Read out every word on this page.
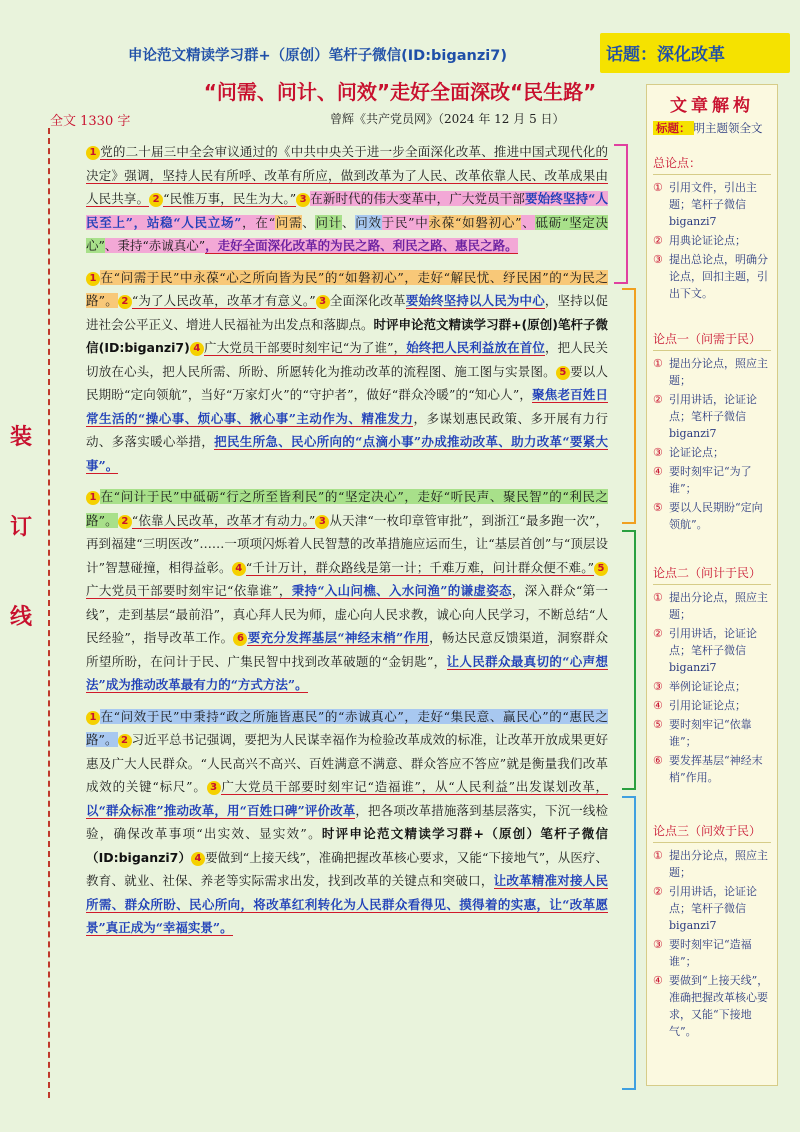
申论范文精读学习群+（原创）笔杆子微信(ID:biganzi7)	话题：深化改革
“问需、问计、问效”走好全面深改“民生路”
全文 1330 字	曾辉《共产党员网》（2024 年 12 月 5 日）
装
订
线

1 党的二十届三中全会审议通过的《中共中央关于进一步全面深化改革、推进中国式现代化的决定》强调，坚持人民有所呼、改革有所应，做到改革为了人民、改革依靠人民、改革成果由人民共享。 2 “民惟万事，民生为大。” 3 在新时代的伟大变革中，广大党员干部要始终坚持“人民至上”，站稳“人民立场”，在“问需、问计、问效于民”中永葆“如磐初心”、砥砺“坚定决心”、秉持“赤诚真心”，走好全面深化改革的为民之路、利民之路、惠民之路。

1 在“问需于民”中永葆“心之所向皆为民”的“如磐初心”，走好“解民忧、纾民困”的“为民之路”。 2 “为了人民改革，改革才有意义。” 3 全面深化改革要始终坚持以人民为中心，坚持以促进社会公平正义、增进人民福祉为出发点和落脚点。时评申论范文精读学习群+(原创)笔杆子微信(ID:biganzi7) 4 广大党员干部要时刻牢记“为了谁”，始终把人民利益放在首位，把人民关切放在心头，把人民所需、所盼、所愿转化为推动改革的流程图、施工图与实景图。 5 要以人民期盼“定向领航”，当好“万家灯火”的“守护者”，做好“群众冷暖”的“知心人”，聚焦老百姓日常生活的“操心事、烦心事、揪心事”主动作为、精准发力，多谋划惠民政策、多开展有力行动、多落实暖心举措，把民生所急、民心所向的“点滴小事”办成推动改革、助力改革“要紧大事”。

1 在“问计于民”中砥砺“行之所至皆利民”的“坚定决心”，走好“听民声、聚民智”的“利民之路”。 2 “依靠人民改革，改革才有动力。” 3 从天津“一枚印章管审批”，到浙江“最多跑一次”，再到福建“三明医改”……一项项闪烁着人民智慧的改革措施应运而生，让“基层首创”与“顶层设计”智慧碰撞，相得益彰。 4 “千计万计，群众路线是第一计；千难万难，问计群众便不难。” 5广大党员干部要时刻牢记“依靠谁”，秉持“入山问樵、入水问渔”的谦虚姿态，深入群众“第一线”，走到基层“最前沿”，真心拜人民为师，虚心向人民求教，诚心向人民学习，不断总结“人民经验”，指导改革工作。 6 要充分发挥基层“神经末梢”作用，畅达民意反馈渠道，洞察群众所望所盼，在问计于民、广集民智中找到改革破题的“金钥匙”，让人民群众最真切的“心声想法”成为推动改革最有力的“方式方法”。

1 在“问效于民”中秉持“政之所施皆惠民”的“赤诚真心”，走好“集民意、赢民心”的“惠民之路”。 2 习近平总书记强调，要把为人民谋幸福作为检验改革成效的标准，让改革开放成果更好惠及广大人民群众。“人民高兴不高兴、百姓满意不满意、群众答应不答应”就是衡量我们改革成效的关键“标尺”。 3 广大党员干部要时刻牢记“造福谁”，从“人民利益”出发谋划改革，以“群众标准”推动改革，用“百姓口碑”评价改革，把各项改革措施落到基层落实，下沉一线检验，确保改革事项“出实效、显实效”。时评申论范文精读学习群+（原创）笔杆子微信（ID:biganzi7） 4 要做到“上接天线”，准确把握改革核心要求，又能“下接地气”，从医疗、教育、就业、社保、养老等实际需求出发，找到改革的关键点和突破口，让改革精准对接人民所需、群众所盼、民心所向，将改革红利转化为人民群众看得见、摸得着的实惠，让“改革愿景”真正成为“幸福实景”。

文章解构
标题： 明主题领全文
总论点：
① 引用文件，引出主题；笔杆子微信 biganzi7
② 用典论证论点；
③ 提出总论点，明确分论点，回扣主题，引出下文。
论点一（问需于民）
① 提出分论点，照应主题；
② 引用讲话，论证论点；笔杆子微信 biganzi7
③ 论证论点；
④ 要时刻牢记“为了谁”；
⑤ 要以人民期盼“定向领航”。
论点二（问计于民）
① 提出分论点，照应主题；
② 引用讲话，论证论点；笔杆子微信 biganzi7
③ 举例论证论点；
④ 引用论证论点；
⑤ 要时刻牢记“依靠谁”；
⑥ 要发挥基层“神经末梢”作用。
论点三（问效于民）
① 提出分论点，照应主题；
② 引用讲话，论证论点；笔杆子微信 biganzi7
③ 要时刻牢记“造福谁”；
④ 要做到“上接天线”，准确把握改革核心要求，又能“下接地气”。
